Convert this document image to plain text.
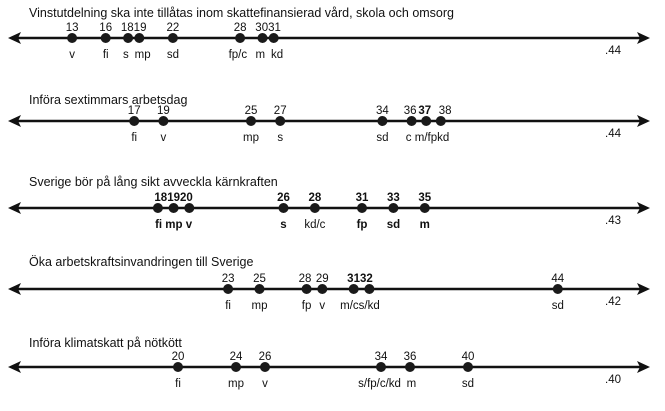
Vinstutdelning ska inte tillåtas inom skattefinansierad vård, skola och omsorg
13 16 1819 22	28 3031
v fi s mp sd	fp/c m kd	.44
Införa sextimmars arbetsdag
17 19	25 27	34 36 37 38
fi v	mp s	sd c m/fpkd	.44
Sverige bör på lång sikt avveckla kärnkraften
181920	26 28	31 33 35
fi mp v	s kd/c	fp sd m	.43
Öka arbetskraftsinvandringen till Sverige
23 25	28 29 3132	44
fi mp	fp v m/cs/kd	sd	.42
Införa klimatskatt på nötkött
20	24 26	34 36	40
fi	mp v	s/fp/c/kd m	sd	.40
